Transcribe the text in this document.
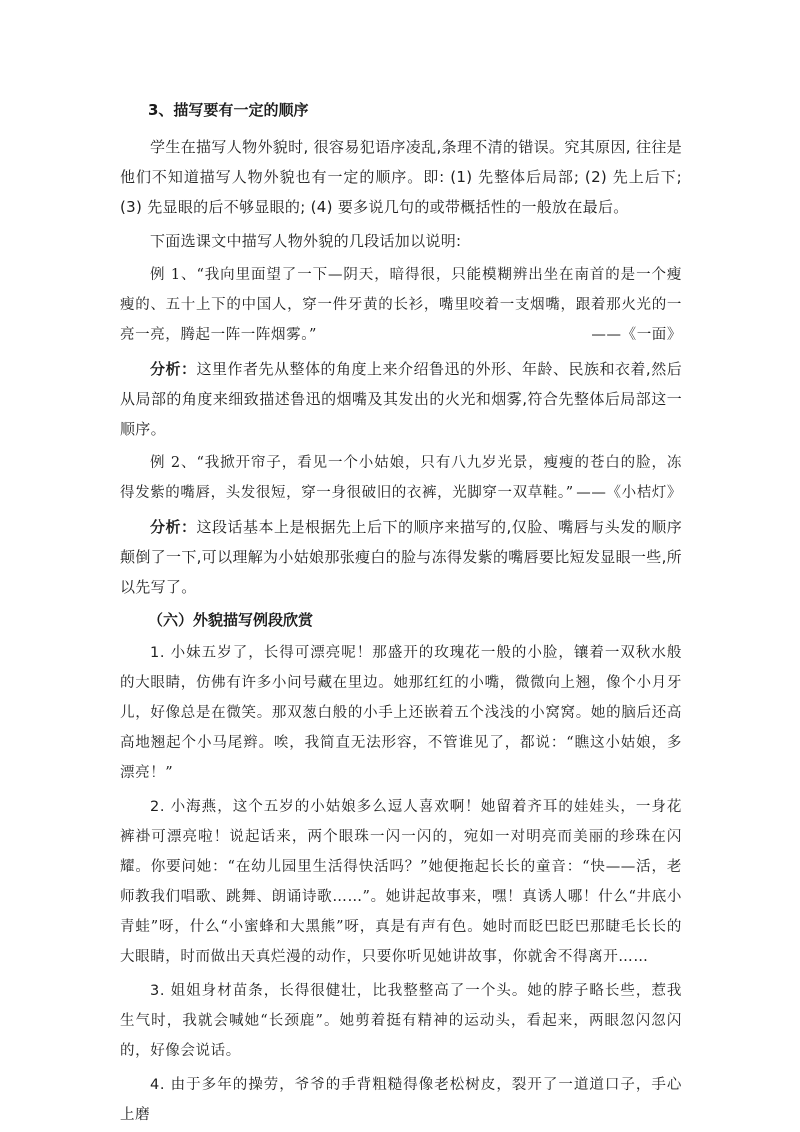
3、描写要有一定的顺序

学生在描写人物外貌时, 很容易犯语序凌乱,条理不清的错误。究其原因, 往往是他们不知道描写人物外貌也有一定的顺序。即: (1) 先整体后局部; (2) 先上后下; (3) 先显眼的后不够显眼的; (4) 要多说几句的或带概括性的一般放在最后。

下面选课文中描写人物外貌的几段话加以说明:

例 1、“我向里面望了一下—阴天，暗得很，只能模糊辨出坐在南首的是一个瘦瘦的、五十上下的中国人，穿一件牙黄的长衫，嘴里咬着一支烟嘴，跟着那火光的一亮一亮，腾起一阵一阵烟雾。”	——《一面》

分析：这里作者先从整体的角度上来介绍鲁迅的外形、年龄、民族和衣着,然后从局部的角度来细致描述鲁迅的烟嘴及其发出的火光和烟雾,符合先整体后局部这一顺序。

例 2、“我掀开帘子，看见一个小姑娘，只有八九岁光景，瘦瘦的苍白的脸，冻得发紫的嘴唇，头发很短，穿一身很破旧的衣裤，光脚穿一双草鞋。” ——《小桔灯》

分析：这段话基本上是根据先上后下的顺序来描写的,仅脸、嘴唇与头发的顺序颠倒了一下,可以理解为小姑娘那张瘦白的脸与冻得发紫的嘴唇要比短发显眼一些,所以先写了。

（六）外貌描写例段欣赏

1. 小妹五岁了，长得可漂亮呢！那盛开的玫瑰花一般的小脸，镶着一双秋水般的大眼睛，仿佛有许多小问号藏在里边。她那红红的小嘴，微微向上翘，像个小月牙儿，好像总是在微笑。那双葱白般的小手上还嵌着五个浅浅的小窝窝。她的脑后还高高地翘起个小马尾辫。唉，我简直无法形容，不管谁见了，都说：“瞧这小姑娘，多漂亮！”

2. 小海燕，这个五岁的小姑娘多么逗人喜欢啊！她留着齐耳的娃娃头，一身花裤褂可漂亮啦！说起话来，两个眼珠一闪一闪的，宛如一对明亮而美丽的珍珠在闪耀。你要问她：“在幼儿园里生活得快活吗？”她便拖起长长的童音：“快——活，老师教我们唱歌、跳舞、朗诵诗歌……”。她讲起故事来，嘿！真诱人哪！什么“井底小青蛙”呀，什么“小蜜蜂和大黑熊”呀，真是有声有色。她时而眨巴眨巴那睫毛长长的大眼睛，时而做出天真烂漫的动作，只要你听见她讲故事，你就舍不得离开……

3. 姐姐身材苗条，长得很健壮，比我整整高了一个头。她的脖子略长些，惹我生气时，我就会喊她“长颈鹿”。她剪着挺有精神的运动头，看起来，两眼忽闪忽闪的，好像会说话。

4. 由于多年的操劳，爷爷的手背粗糙得像老松树皮，裂开了一道道口子，手心上磨
